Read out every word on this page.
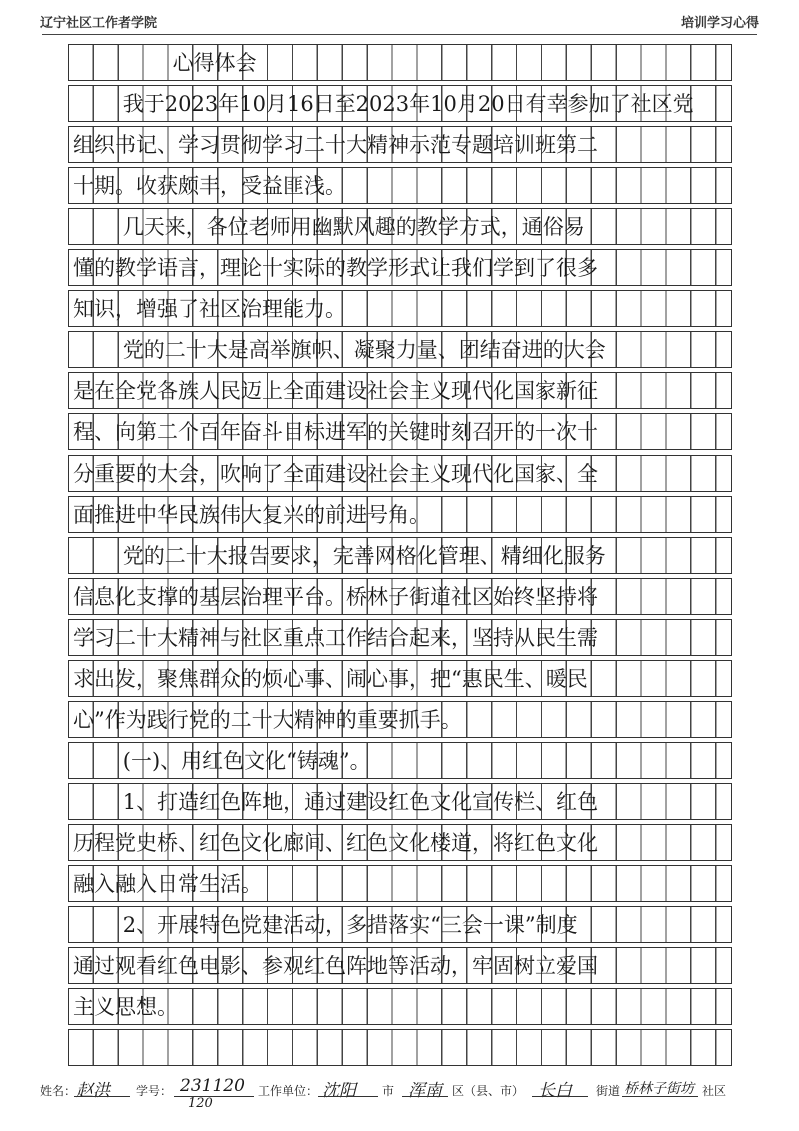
辽宁社区工作者学院	培训学习心得
心得体会
我于2023年10月16日至2023年10月20日有幸参加了社区党
组织书记、学习贯彻学习二十大精神示范专题培训班第二
十期。收获颇丰，受益匪浅。
几天来，各位老师用幽默风趣的教学方式，通俗易
懂的教学语言，理论十实际的教学形式让我们学到了很多
知识，增强了社区治理能力。
党的二十大是高举旗帜、凝聚力量、团结奋进的大会
是在全党各族人民迈上全面建设社会主义现代化国家新征
程、向第二个百年奋斗目标进军的关键时刻召开的一次十
分重要的大会，吹响了全面建设社会主义现代化国家、全
面推进中华民族伟大复兴的前进号角。
党的二十大报告要求，完善网格化管理、精细化服务
信息化支撑的基层治理平台。桥林子街道社区始终坚持将
学习二十大精神与社区重点工作结合起来，坚持从民生需
求出发，聚焦群众的烦心事、闹心事，把“惠民生、暖民
心”作为践行党的二十大精神的重要抓手。
(一)、用红色文化“铸魂”。
1、打造红色阵地，通过建设红色文化宣传栏、红色
历程党史桥、红色文化廊间、红色文化楼道，将红色文化
融入融入日常生活。
2、开展特色党建活动，多措落实“三会一课”制度
通过观看红色电影、参观红色阵地等活动，牢固树立爱国
主义思想。
姓名： 赵洪 学号： 231120
120
工作单位： 沈阳 市 浑南 区（县、市） 长白 街道 桥林子街坊 社区
